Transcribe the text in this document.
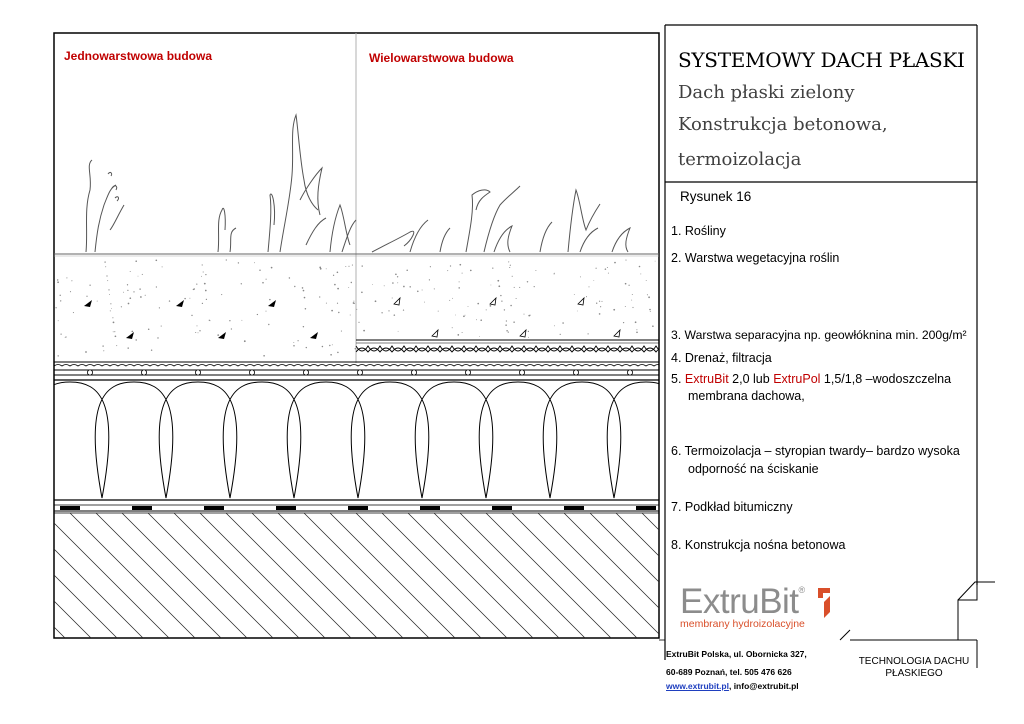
Jednowarstwowa budowa	Wielowarstwowa budowa	SYSTEMOWY DACH PŁASKI
Dach płaski zielony
Konstrukcja betonowa,
termoizolacja
Rysunek 16
1. Rośliny
2. Warstwa wegetacyjna roślin
3. Warstwa separacyjna np. geowłóknina min. 200g/m²
4. Drenaż, filtracja
5. ExtruBit 2,0 lub ExtruPol 1,5/1,8 –wodoszczelna
membrana dachowa,
6. Termoizolacja – styropian twardy– bardzo wysoka
odporność na ściskanie
7. Podkład bitumiczny
8. Konstrukcja nośna betonowa
ExtruBit®
membrany hydroizolacyjne
ExtruBit Polska, ul. Obornicka 327,
60-689 Poznań, tel. 505 476 626
www.extrubit.pl, info@extrubit.pl
TECHNOLOGIA DACHU
PŁASKIEGO
